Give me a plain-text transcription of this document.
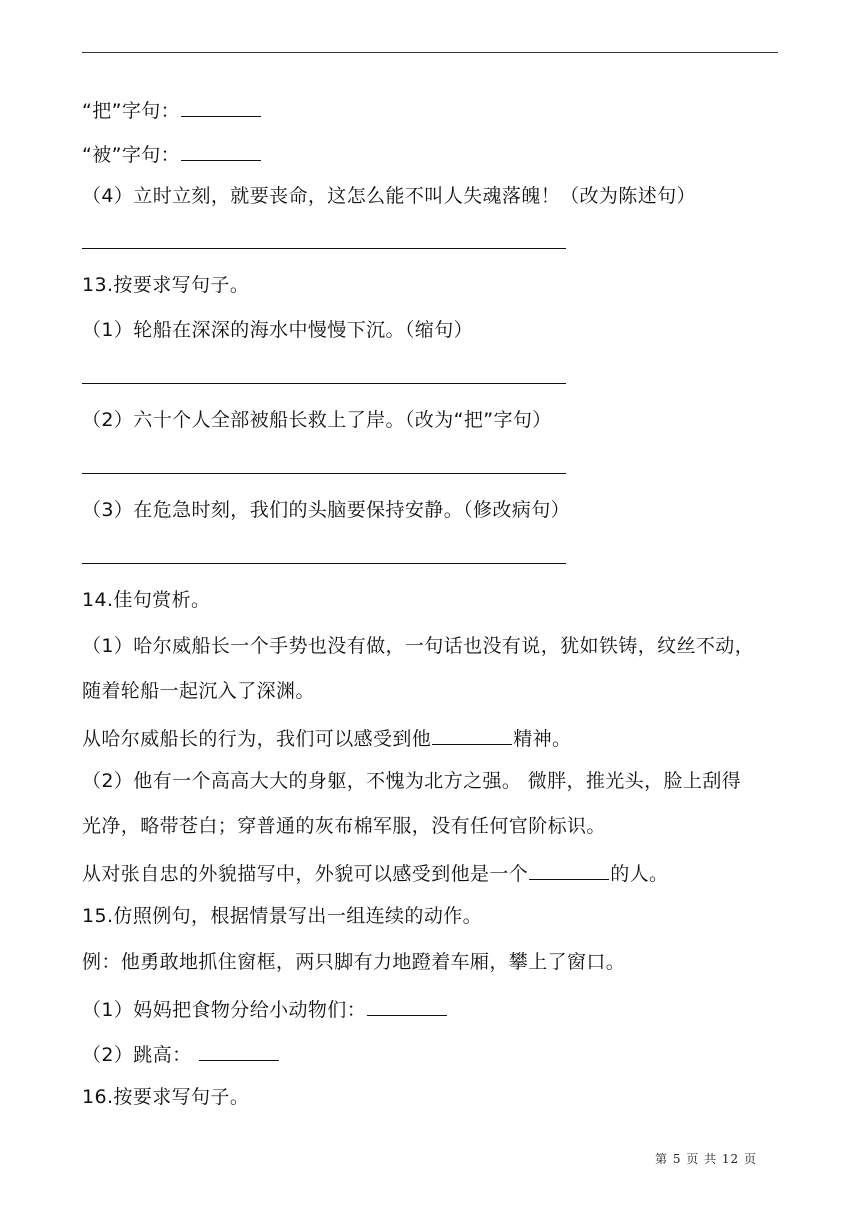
“把”字句：
“被”字句：
（4）立时立刻，就要丧命，这怎么能不叫人失魂落魄！（改为陈述句）
13.按要求写句子。
（1）轮船在深深的海水中慢慢下沉。（缩句）
（2）六十个人全部被船长救上了岸。（改为“把”字句）
（3）在危急时刻，我们的头脑要保持安静。（修改病句）
14.佳句赏析。
（1）哈尔威船长一个手势也没有做，一句话也没有说，犹如铁铸，纹丝不动，
随着轮船一起沉入了深渊。
从哈尔威船长的行为，我们可以感受到他	精神。
（2）他有一个高高大大的身躯，不愧为北方之强。 微胖，推光头，脸上刮得
光净，略带苍白；穿普通的灰布棉军服，没有任何官阶标识。
从对张自忠的外貌描写中，外貌可以感受到他是一个	的人。
15.仿照例句，根据情景写出一组连续的动作。
例：他勇敢地抓住窗框，两只脚有力地蹬着车厢，攀上了窗口。
（1）妈妈把食物分给小动物们：
（2）跳高：
16.按要求写句子。
第 5 页 共 12 页
